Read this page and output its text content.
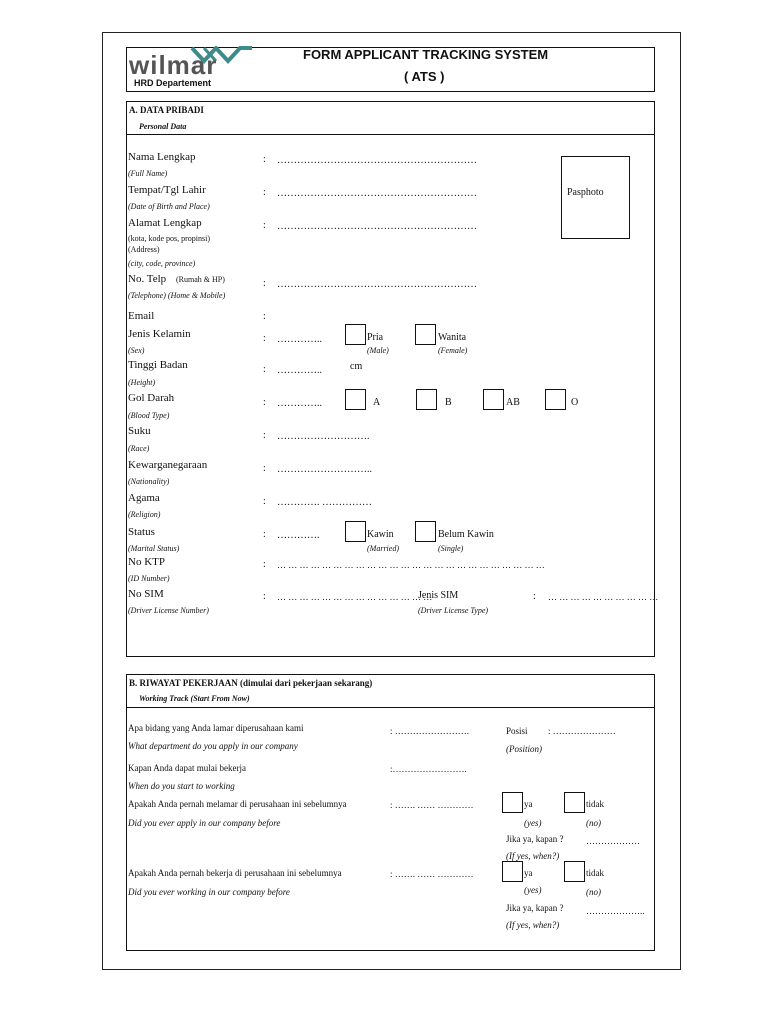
wilmar
HRD Departement
FORM APPLICANT TRACKING SYSTEM
( ATS )
A. DATA PRIBADI
Personal Data
Pasphoto
Nama Lengkap
(Full Name)
: ……………………………………………………
Tempat/Tgl Lahir
(Date of Birth and Place)
: ……………………………………………………
Alamat Lengkap
(kota, kode pos, propinsi)
(Address)
(city, code, province)
: ……………………………………………………
No. Telp (Rumah & HP)
(Telephone) (Home & Mobile)
: ……………………………………………………
Email	:
Jenis Kelamin
(Sex)
: …………..	Pria
(Male)
Wanita
(Female)
Tinggi Badan
(Height)
: …………..	cm
Gol Darah
(Blood Type)
: …………..	A	B	AB	O
Suku
(Race)
: ……………………….
Kewarganegaraan
(Nationality)
: ………………………..
Agama
(Religion)
: …………. ……………
Status
(Marital Status)
: ………….	Kawin
(Married)
Belum Kawin
(Single)
No KTP
(ID Number)
: … … … … … … … … … … … … … … … … … … … … … … … …
No SIM
(Driver License Number)
: … … … … … … … … … … … … … …
Jenis SIM
(Driver License Type)
: … … … … … … … … … …
B. RIWAYAT PEKERJAAN (dimulai dari pekerjaan sekarang)
Working Track (Start From Now)
Apa bidang yang Anda lamar diperusahaan kami
What department do you apply in our company
: …………………….	Posisi : …………………
(Position)
Kapan Anda dapat mulai bekerja
When do you start to working
:…………………….
Apakah Anda pernah melamar di perusahaan ini sebelumnya
Did you ever apply in our company before
: ……. …… …………	ya
(yes)
tidak
(no)
Jika ya, kapan ?
(If yes, when?)
………………
Apakah Anda pernah bekerja di perusahaan ini sebelumnya
Did you ever working in our company before
: ……. …… …………	ya
(yes)
tidak
(no)
Jika ya, kapan ?
(If yes, when?)
………………..
